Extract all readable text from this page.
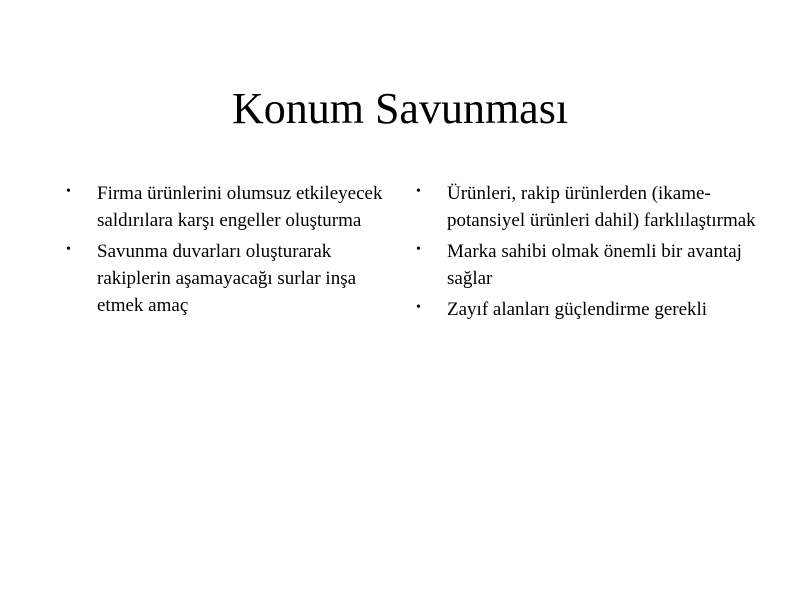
Konum Savunması
• Firma ürünlerini olumsuz etkileyecek saldırılara karşı engeller oluşturma
• Savunma duvarları oluşturarak rakiplerin aşamayacağı surlar inşa etmek amaç
• Ürünleri, rakip ürünlerden (ikame-potansiyel ürünleri dahil) farklılaştırmak
• Marka sahibi olmak önemli bir avantaj sağlar
• Zayıf alanları güçlendirme gerekli
